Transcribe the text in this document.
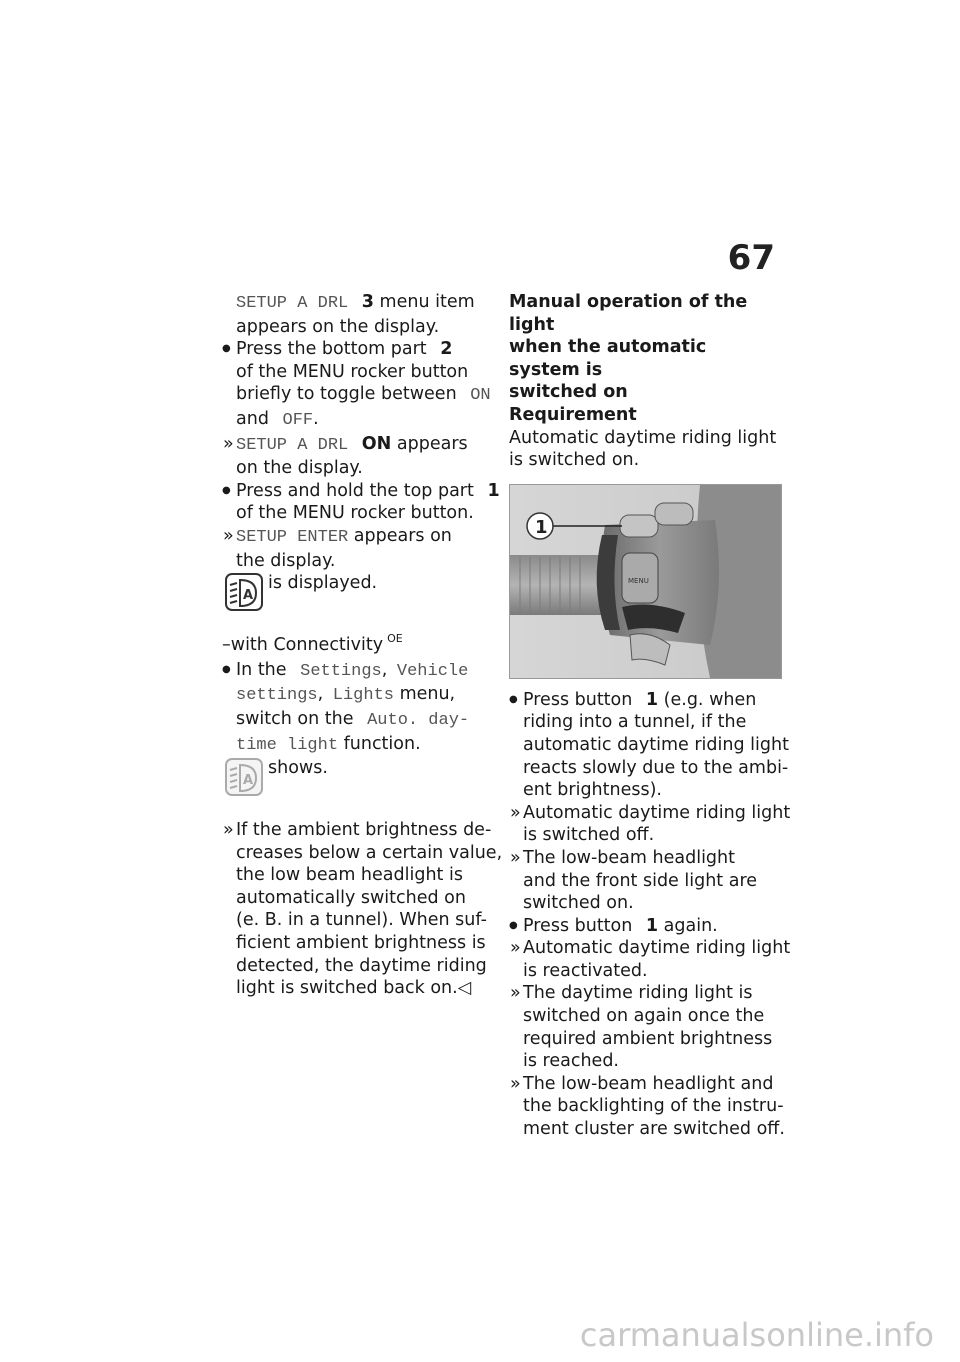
67
SETUP A DRL 3 menu item
appears on the display.
● Press the bottom part 2
of the MENU rocker button
briefly to toggle between ON
and OFF.
» SETUP A DRL ON appears
on the display.
● Press and hold the top part 1
of the MENU rocker button.
» SETUP ENTER appears on
the display.
A
is displayed.
–with Connectivity $^{OE}$
● In the Settings, Vehicle
settings, Lights menu,
switch on the Auto. day-
time light function.
A
shows.
» If the ambient brightness de-
creases below a certain value,
the low beam headlight is
automatically switched on
(e. B. in a tunnel). When suf-
ficient ambient brightness is
detected, the daytime riding
light is switched back on.◁
Manual operation of the light
when the automatic system is
switched on
Requirement
Automatic daytime riding light
is switched on.
MENU
1
● Press button 1 (e.g. when
riding into a tunnel, if the
automatic daytime riding light
reacts slowly due to the ambi-
ent brightness).
» Automatic daytime riding light
is switched off.
» The low-beam headlight
and the front side light are
switched on.
● Press button 1 again.
» Automatic daytime riding light
is reactivated.
» The daytime riding light is
switched on again once the
required ambient brightness
is reached.
» The low-beam headlight and
the backlighting of the instru-
ment cluster are switched off.
carmanualsonline.info
